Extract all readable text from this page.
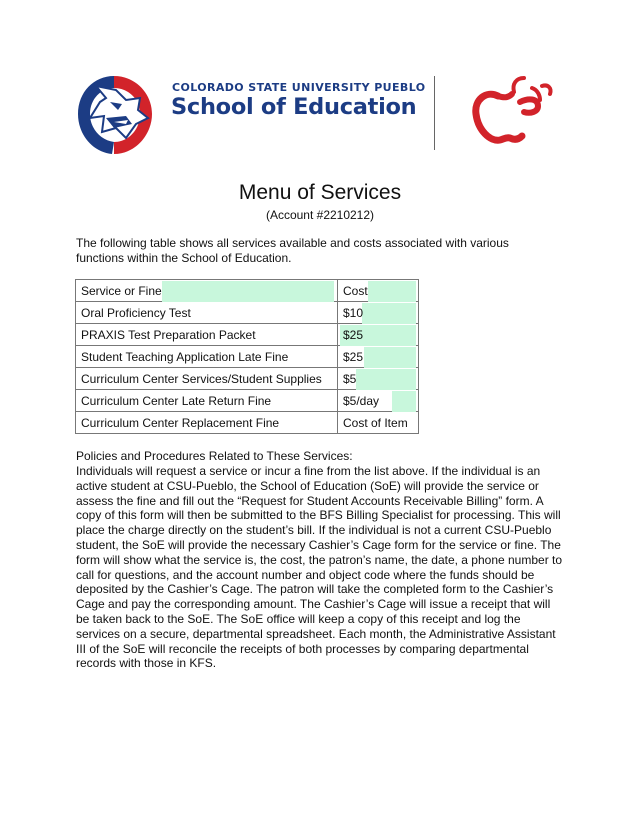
COLORADO STATE UNIVERSITY PUEBLO
School of Education
Menu of Services
(Account #2210212)
The following table shows all services available and costs associated with various functions within the School of Education.
Service or Fine	Cost
Oral Proficiency Test	$10
PRAXIS Test Preparation Packet	$25
Student Teaching Application Late Fine	$25
Curriculum Center Services/Student Supplies	$5
Curriculum Center Late Return Fine	$5/day
Curriculum Center Replacement Fine	Cost of Item
Policies and Procedures Related to These Services:
Individuals will request a service or incur a fine from the list above. If the individual is an active student at CSU-Pueblo, the School of Education (SoE) will provide the service or assess the fine and fill out the “Request for Student Accounts Receivable Billing” form. A copy of this form will then be submitted to the BFS Billing Specialist for processing. This will place the charge directly on the student’s bill. If the individual is not a current CSU-Pueblo student, the SoE will provide the necessary Cashier’s Cage form for the service or fine. The form will show what the service is, the cost, the patron’s name, the date, a phone number to call for questions, and the account number and object code where the funds should be deposited by the Cashier’s Cage. The patron will take the completed form to the Cashier’s Cage and pay the corresponding amount. The Cashier’s Cage will issue a receipt that will be taken back to the SoE. The SoE office will keep a copy of this receipt and log the services on a secure, departmental spreadsheet. Each month, the Administrative Assistant III of the SoE will reconcile the receipts of both processes by comparing departmental records with those in KFS.
